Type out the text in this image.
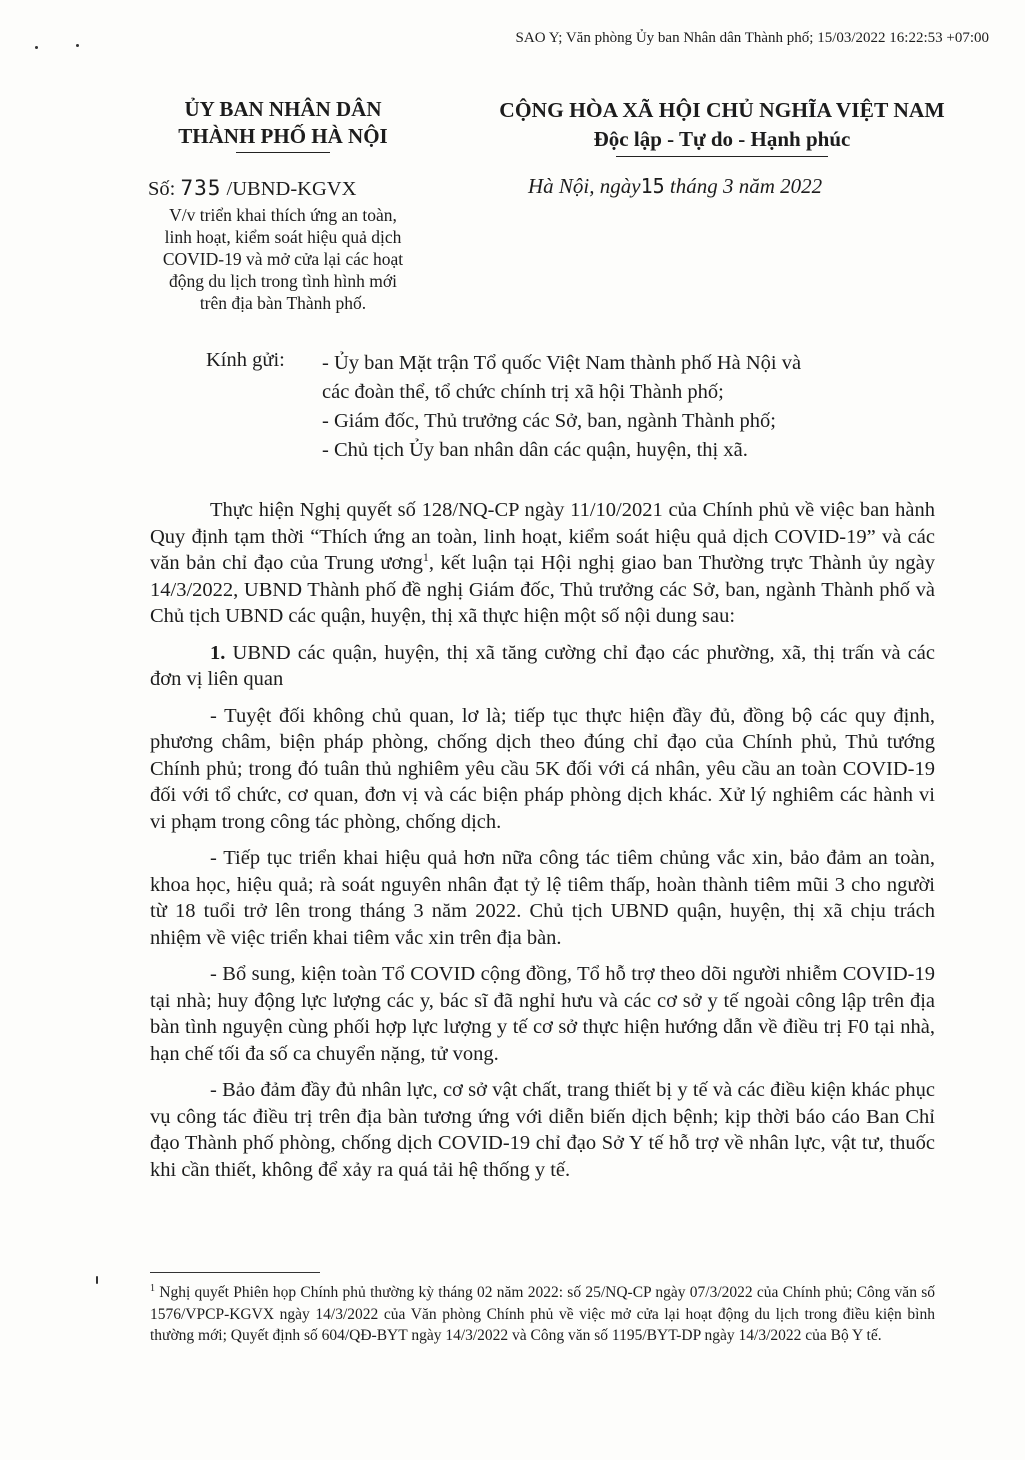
SAO Y; Văn phòng Ủy ban Nhân dân Thành phố; 15/03/2022 16:22:53 +07:00
ỦY BAN NHÂN DÂN
THÀNH PHỐ HÀ NỘI
CỘNG HÒA XÃ HỘI CHỦ NGHĨA VIỆT NAM
Độc lập - Tự do - Hạnh phúc
Số: 735 /UBND-KGVX	Hà Nội, ngày15 tháng 3 năm 2022
V/v triển khai thích ứng an toàn,
linh hoạt, kiểm soát hiệu quả dịch
COVID-19 và mở cửa lại các hoạt
động du lịch trong tình hình mới
trên địa bàn Thành phố.
Kính gửi: - Ủy ban Mặt trận Tổ quốc Việt Nam thành phố Hà Nội và
các đoàn thể, tổ chức chính trị xã hội Thành phố;
- Giám đốc, Thủ trưởng các Sở, ban, ngành Thành phố;
- Chủ tịch Ủy ban nhân dân các quận, huyện, thị xã.

Thực hiện Nghị quyết số 128/NQ-CP ngày 11/10/2021 của Chính phủ về việc ban hành Quy định tạm thời “Thích ứng an toàn, linh hoạt, kiểm soát hiệu quả dịch COVID-19” và các văn bản chỉ đạo của Trung ương$^1$, kết luận tại Hội nghị giao ban Thường trực Thành ủy ngày 14/3/2022, UBND Thành phố đề nghị Giám đốc, Thủ trưởng các Sở, ban, ngành Thành phố và Chủ tịch UBND các quận, huyện, thị xã thực hiện một số nội dung sau:

1. UBND các quận, huyện, thị xã tăng cường chỉ đạo các phường, xã, thị trấn và các đơn vị liên quan

- Tuyệt đối không chủ quan, lơ là; tiếp tục thực hiện đầy đủ, đồng bộ các quy định, phương châm, biện pháp phòng, chống dịch theo đúng chỉ đạo của Chính phủ, Thủ tướng Chính phủ; trong đó tuân thủ nghiêm yêu cầu 5K đối với cá nhân, yêu cầu an toàn COVID-19 đối với tổ chức, cơ quan, đơn vị và các biện pháp phòng dịch khác. Xử lý nghiêm các hành vi vi phạm trong công tác phòng, chống dịch.

- Tiếp tục triển khai hiệu quả hơn nữa công tác tiêm chủng vắc xin, bảo đảm an toàn, khoa học, hiệu quả; rà soát nguyên nhân đạt tỷ lệ tiêm thấp, hoàn thành tiêm mũi 3 cho người từ 18 tuổi trở lên trong tháng 3 năm 2022. Chủ tịch UBND quận, huyện, thị xã chịu trách nhiệm về việc triển khai tiêm vắc xin trên địa bàn.

- Bổ sung, kiện toàn Tổ COVID cộng đồng, Tổ hỗ trợ theo dõi người nhiễm COVID-19 tại nhà; huy động lực lượng các y, bác sĩ đã nghỉ hưu và các cơ sở y tế ngoài công lập trên địa bàn tình nguyện cùng phối hợp lực lượng y tế cơ sở thực hiện hướng dẫn về điều trị F0 tại nhà, hạn chế tối đa số ca chuyển nặng, tử vong.

- Bảo đảm đầy đủ nhân lực, cơ sở vật chất, trang thiết bị y tế và các điều kiện khác phục vụ công tác điều trị trên địa bàn tương ứng với diễn biến dịch bệnh; kịp thời báo cáo Ban Chỉ đạo Thành phố phòng, chống dịch COVID-19 chỉ đạo Sở Y tế hỗ trợ về nhân lực, vật tư, thuốc khi cần thiết, không để xảy ra quá tải hệ thống y tế.

$^1$ Nghị quyết Phiên họp Chính phủ thường kỳ tháng 02 năm 2022: số 25/NQ-CP ngày 07/3/2022 của Chính phủ; Công văn số 1576/VPCP-KGVX ngày 14/3/2022 của Văn phòng Chính phủ về việc mở cửa lại hoạt động du lịch trong điều kiện bình thường mới; Quyết định số 604/QĐ-BYT ngày 14/3/2022 và Công văn số 1195/BYT-DP ngày 14/3/2022 của Bộ Y tế.
